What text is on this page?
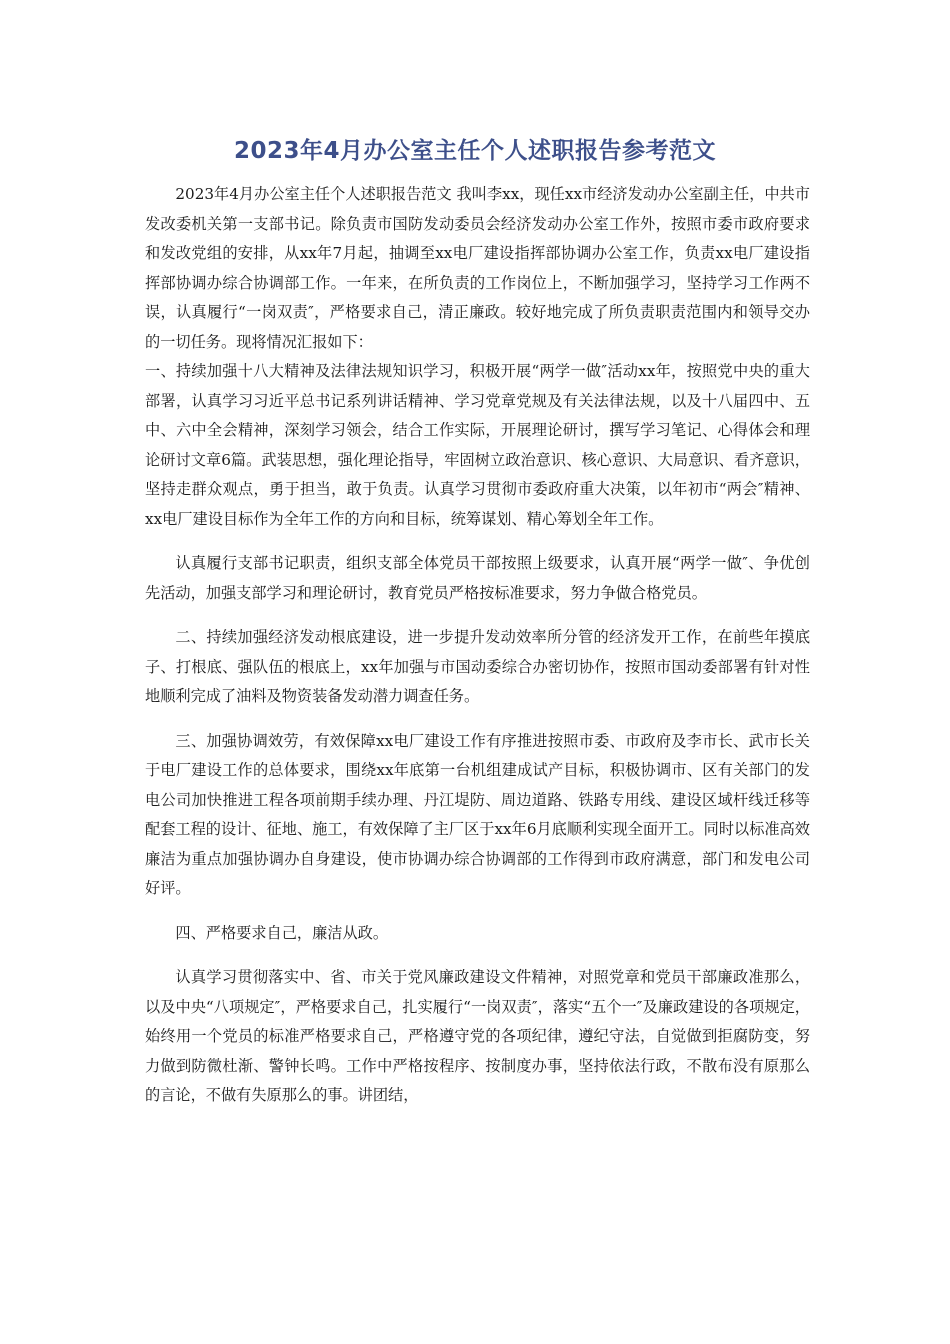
2023年4月办公室主任个人述职报告参考范文

2023年4月办公室主任个人述职报告范文 我叫李xx，现任xx市经济发动办公室副主任，中共市发改委机关第一支部书记。除负责市国防发动委员会经济发动办公室工作外，按照市委市政府要求和发改党组的安排，从xx年7月起，抽调至xx电厂建设指挥部协调办公室工作，负责xx电厂建设指挥部协调办综合协调部工作。一年来，在所负责的工作岗位上，不断加强学习，坚持学习工作两不误，认真履行“一岗双责″，严格要求自己，清正廉政。较好地完成了所负责职责范围内和领导交办的一切任务。现将情况汇报如下：

一、持续加强十八大精神及法律法规知识学习，积极开展“两学一做″活动xx年，按照党中央的重大部署，认真学习习近平总书记系列讲话精神、学习党章党规及有关法律法规，以及十八届四中、五中、六中全会精神，深刻学习领会，结合工作实际，开展理论研讨，撰写学习笔记、心得体会和理论研讨文章6篇。武装思想，强化理论指导，牢固树立政治意识、核心意识、大局意识、看齐意识，坚持走群众观点，勇于担当，敢于负责。认真学习贯彻市委政府重大决策，以年初市“两会″精神、xx电厂建设目标作为全年工作的方向和目标，统筹谋划、精心筹划全年工作。

认真履行支部书记职责，组织支部全体党员干部按照上级要求，认真开展“两学一做″、争优创先活动，加强支部学习和理论研讨，教育党员严格按标准要求，努力争做合格党员。

二、持续加强经济发动根底建设，进一步提升发动效率所分管的经济发开工作，在前些年摸底子、打根底、强队伍的根底上，xx年加强与市国动委综合办密切协作，按照市国动委部署有针对性地顺利完成了油料及物资装备发动潜力调查任务。

三、加强协调效劳，有效保障xx电厂建设工作有序推进按照市委、市政府及李市长、武市长关于电厂建设工作的总体要求，围绕xx年底第一台机组建成试产目标，积极协调市、区有关部门的发电公司加快推进工程各项前期手续办理、丹江堤防、周边道路、铁路专用线、建设区域杆线迁移等配套工程的设计、征地、施工，有效保障了主厂区于xx年6月底顺利实现全面开工。同时以标准高效廉洁为重点加强协调办自身建设，使市协调办综合协调部的工作得到市政府满意，部门和发电公司好评。

四、严格要求自己，廉洁从政。

认真学习贯彻落实中、省、市关于党风廉政建设文件精神，对照党章和党员干部廉政准那么，以及中央“八项规定″，严格要求自己，扎实履行“一岗双责″，落实“五个一″及廉政建设的各项规定，始终用一个党员的标准严格要求自己，严格遵守党的各项纪律，遵纪守法，自觉做到拒腐防变，努力做到防微杜渐、警钟长鸣。工作中严格按程序、按制度办事，坚持依法行政，不散布没有原那么的言论，不做有失原那么的事。讲团结，
